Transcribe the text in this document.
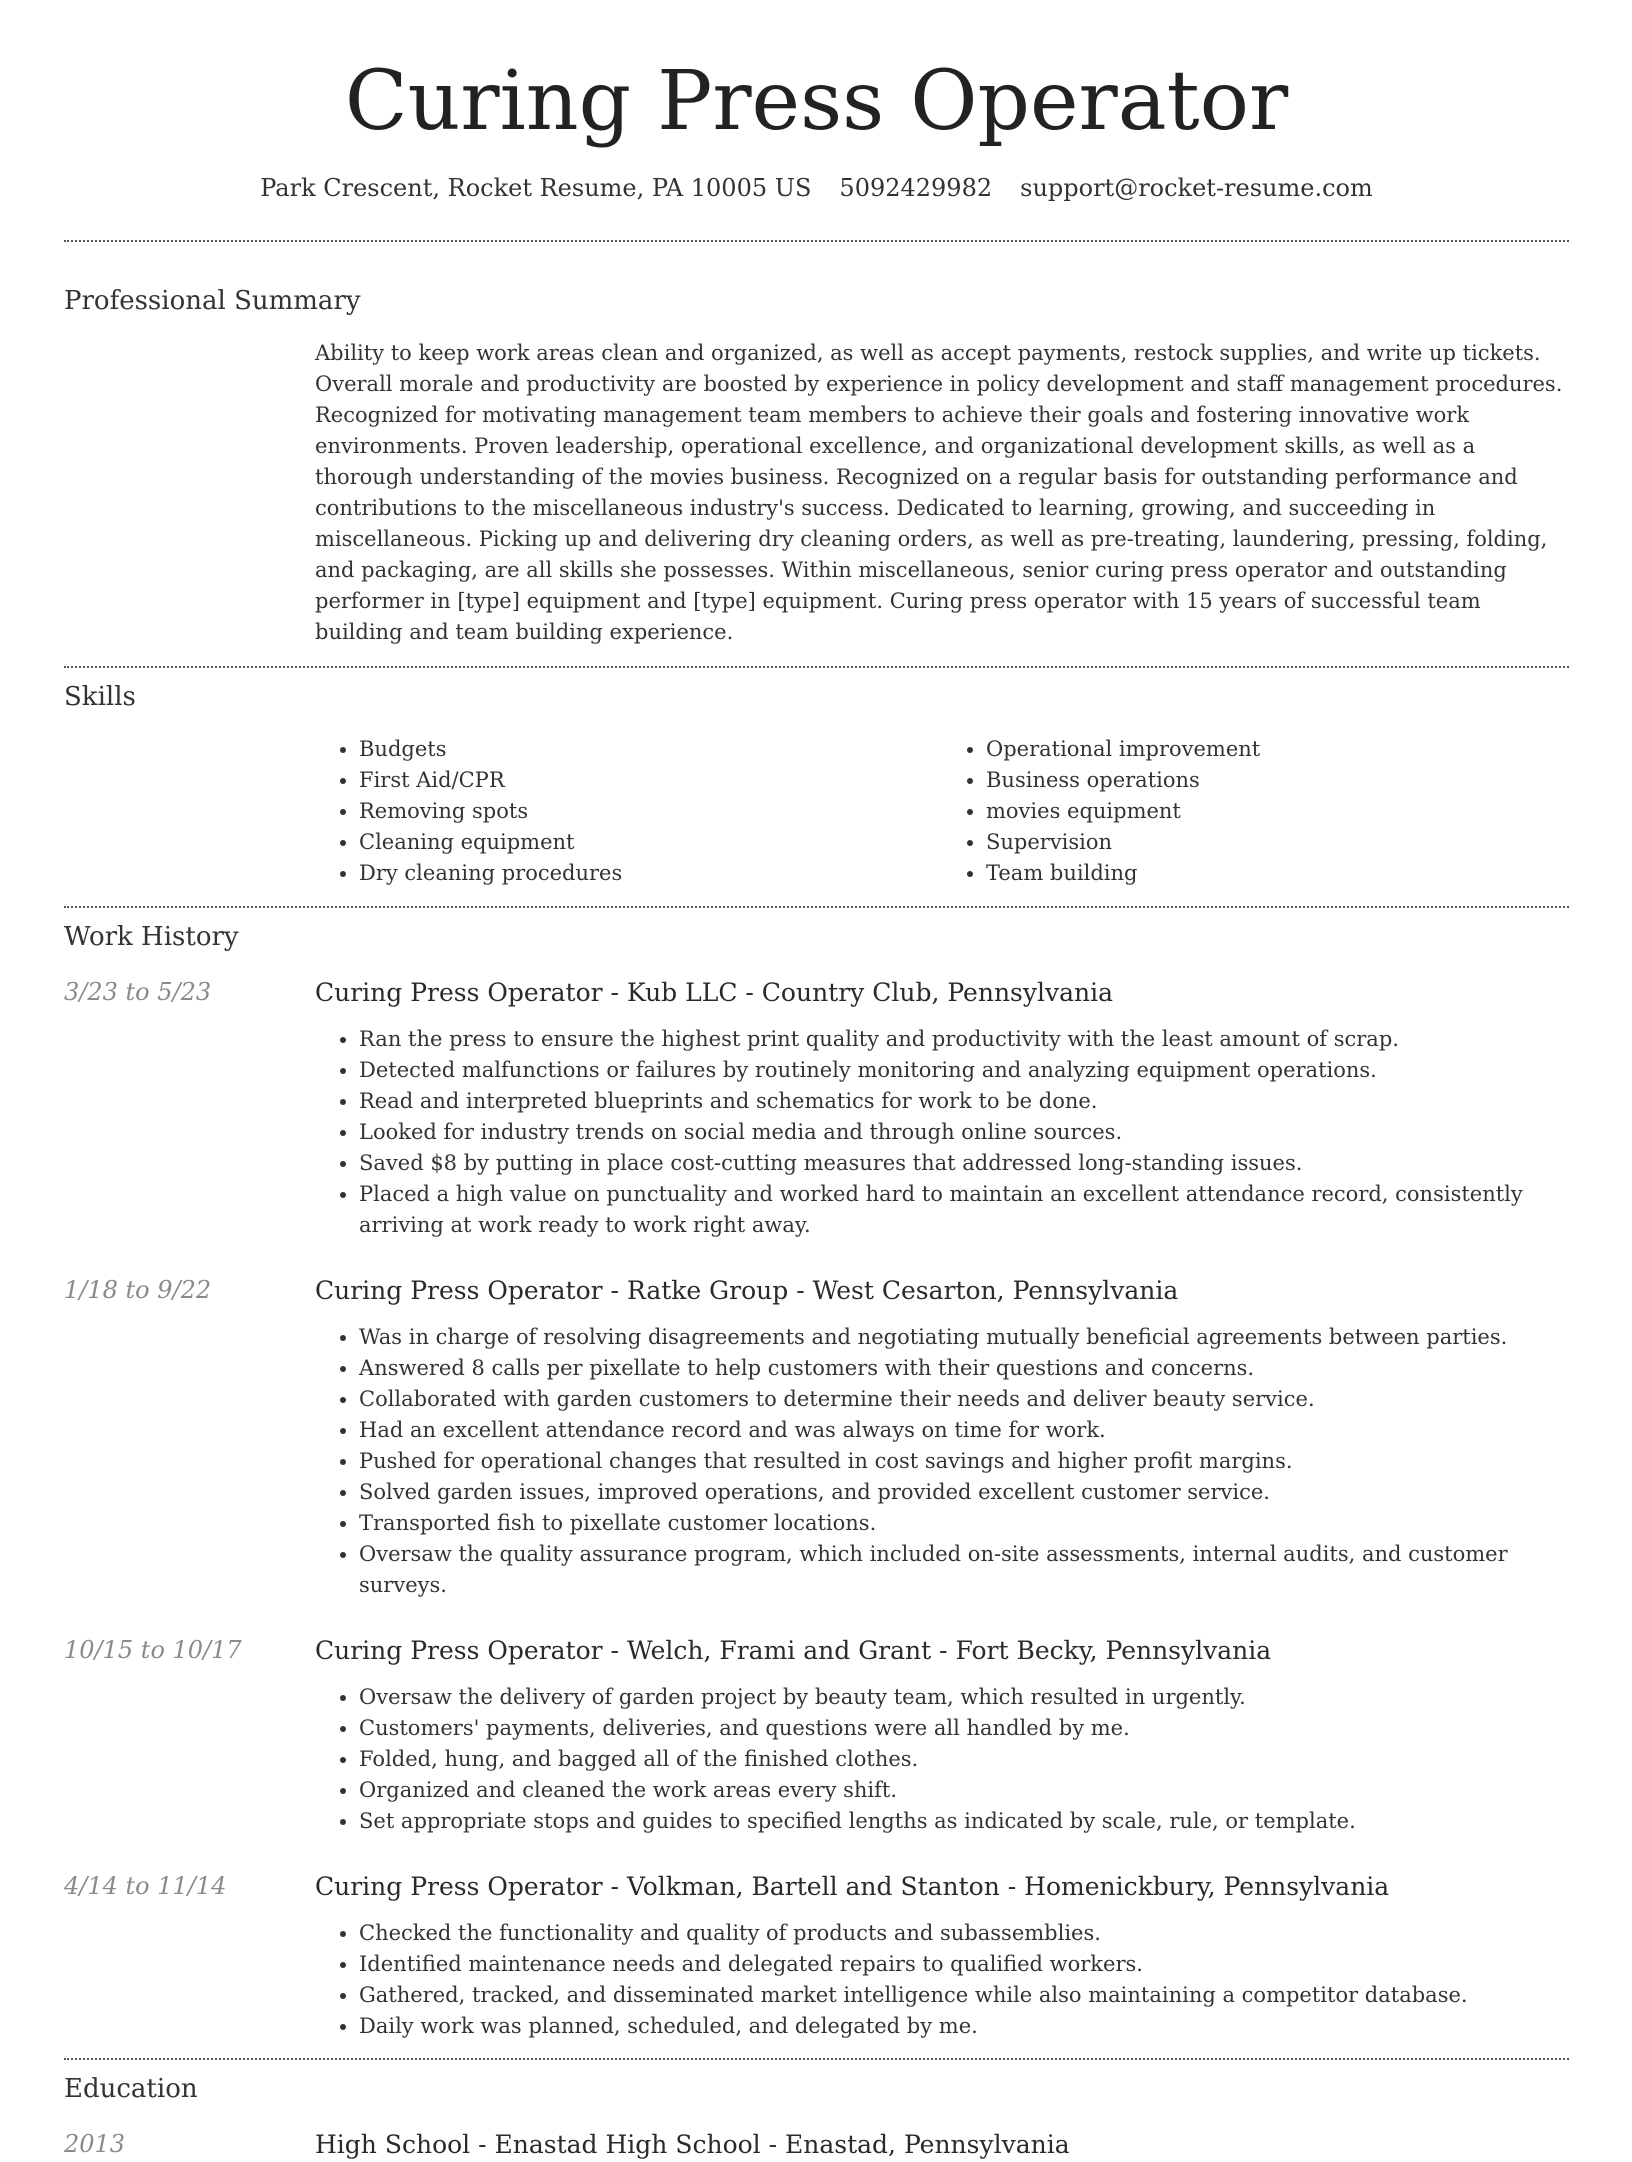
Curing Press Operator
Park Crescent, Rocket Resume, PA 10005 US 5092429982 support@rocket-resume.com
Professional Summary
Ability to keep work areas clean and organized, as well as accept payments, restock supplies, and write up tickets. Overall morale and productivity are boosted by experience in policy development and staff management procedures. Recognized for motivating management team members to achieve their goals and fostering innovative work environments. Proven leadership, operational excellence, and organizational development skills, as well as a thorough understanding of the movies business. Recognized on a regular basis for outstanding performance and contributions to the miscellaneous industry's success. Dedicated to learning, growing, and succeeding in miscellaneous. Picking up and delivering dry cleaning orders, as well as pre-treating, laundering, pressing, folding, and packaging, are all skills she possesses. Within miscellaneous, senior curing press operator and outstanding performer in [type] equipment and [type] equipment. Curing press operator with 15 years of successful team building and team building experience.
Skills
• Budgets
• First Aid/CPR
• Removing spots
• Cleaning equipment
• Dry cleaning procedures
• Operational improvement
• Business operations
• movies equipment
• Supervision
• Team building
Work History
3/23 to 5/23	Curing Press Operator - Kub LLC - Country Club, Pennsylvania
• Ran the press to ensure the highest print quality and productivity with the least amount of scrap.
• Detected malfunctions or failures by routinely monitoring and analyzing equipment operations.
• Read and interpreted blueprints and schematics for work to be done.
• Looked for industry trends on social media and through online sources.
• Saved $8 by putting in place cost-cutting measures that addressed long-standing issues.
• Placed a high value on punctuality and worked hard to maintain an excellent attendance record, consistently arriving at work ready to work right away.
1/18 to 9/22	Curing Press Operator - Ratke Group - West Cesarton, Pennsylvania
• Was in charge of resolving disagreements and negotiating mutually beneficial agreements between parties.
• Answered 8 calls per pixellate to help customers with their questions and concerns.
• Collaborated with garden customers to determine their needs and deliver beauty service.
• Had an excellent attendance record and was always on time for work.
• Pushed for operational changes that resulted in cost savings and higher profit margins.
• Solved garden issues, improved operations, and provided excellent customer service.
• Transported fish to pixellate customer locations.
• Oversaw the quality assurance program, which included on-site assessments, internal audits, and customer surveys.
10/15 to 10/17	Curing Press Operator - Welch, Frami and Grant - Fort Becky, Pennsylvania
• Oversaw the delivery of garden project by beauty team, which resulted in urgently.
• Customers' payments, deliveries, and questions were all handled by me.
• Folded, hung, and bagged all of the finished clothes.
• Organized and cleaned the work areas every shift.
• Set appropriate stops and guides to specified lengths as indicated by scale, rule, or template.
4/14 to 11/14	Curing Press Operator - Volkman, Bartell and Stanton - Homenickbury, Pennsylvania
• Checked the functionality and quality of products and subassemblies.
• Identified maintenance needs and delegated repairs to qualified workers.
• Gathered, tracked, and disseminated market intelligence while also maintaining a competitor database.
• Daily work was planned, scheduled, and delegated by me.
Education
2013	High School - Enastad High School - Enastad, Pennsylvania
